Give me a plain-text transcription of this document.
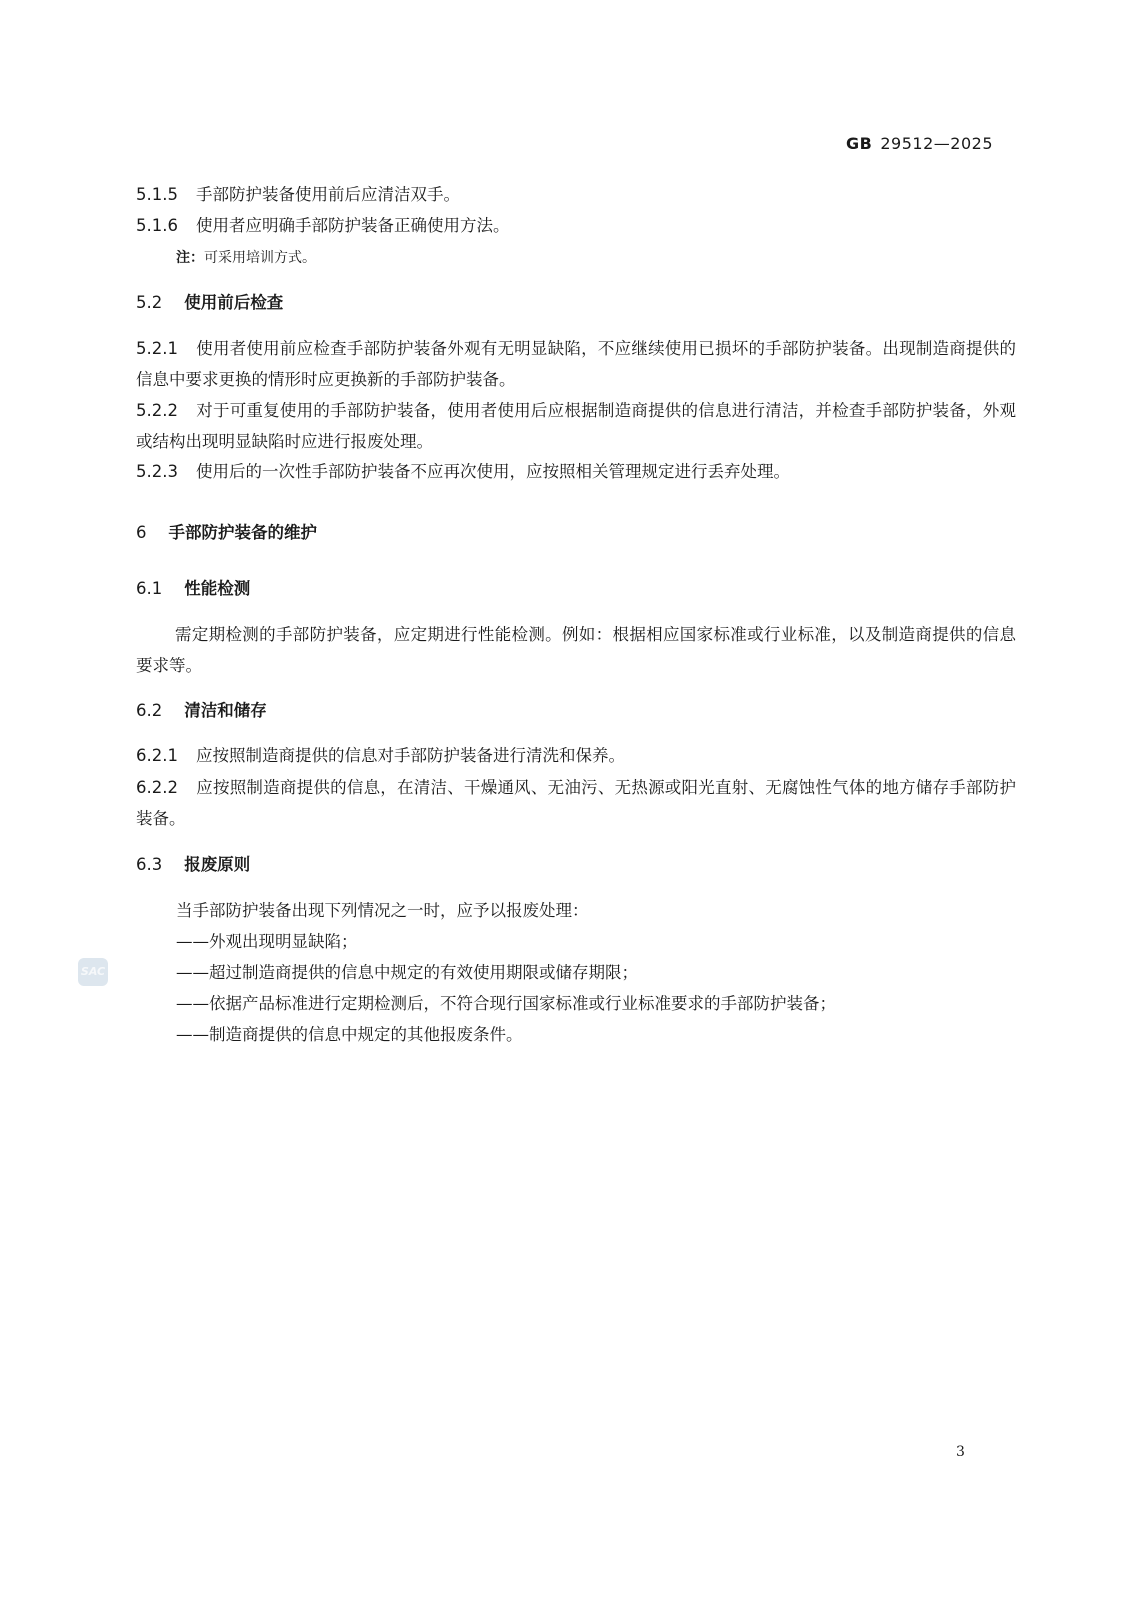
GB 29512—2025
5.1.5 手部防护装备使用前后应清洁双手。
5.1.6 使用者应明确手部防护装备正确使用方法。
注：可采用培训方式。
5.2 使用前后检查
5.2.1 使用者使用前应检查手部防护装备外观有无明显缺陷，不应继续使用已损坏的手部防护装备。出现制造商提供的信息中要求更换的情形时应更换新的手部防护装备。
5.2.2 对于可重复使用的手部防护装备，使用者使用后应根据制造商提供的信息进行清洁，并检查手部防护装备，外观或结构出现明显缺陷时应进行报废处理。
5.2.3 使用后的一次性手部防护装备不应再次使用，应按照相关管理规定进行丢弃处理。
6 手部防护装备的维护
6.1 性能检测
需定期检测的手部防护装备，应定期进行性能检测。例如：根据相应国家标准或行业标准，以及制造商提供的信息要求等。
6.2 清洁和储存
6.2.1 应按照制造商提供的信息对手部防护装备进行清洗和保养。
6.2.2 应按照制造商提供的信息，在清洁、干燥通风、无油污、无热源或阳光直射、无腐蚀性气体的地方储存手部防护装备。
6.3 报废原则
当手部防护装备出现下列情况之一时，应予以报废处理：
——外观出现明显缺陷；
——超过制造商提供的信息中规定的有效使用期限或储存期限；
——依据产品标准进行定期检测后，不符合现行国家标准或行业标准要求的手部防护装备；
——制造商提供的信息中规定的其他报废条件。
SAC
3
